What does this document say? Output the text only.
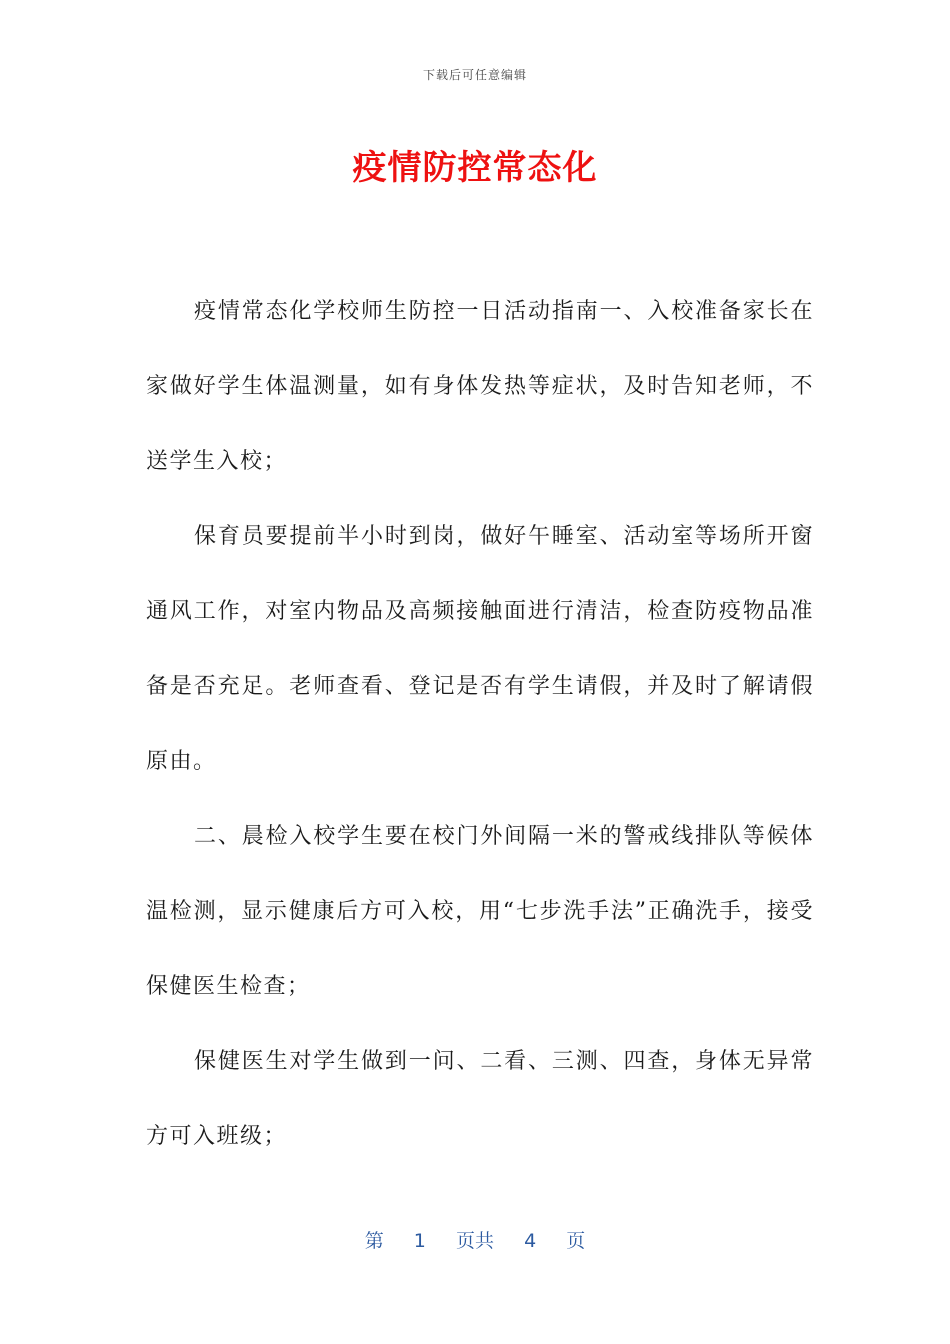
下载后可任意编辑
疫情防控常态化

疫情常态化学校师生防控一日活动指南一、入校准备家长在家做好学生体温测量，如有身体发热等症状，及时告知老师，不送学生入校；

保育员要提前半小时到岗，做好午睡室、活动室等场所开窗通风工作，对室内物品及高频接触面进行清洁，检查防疫物品准备是否充足。老师查看、登记是否有学生请假，并及时了解请假原由。

二、晨检入校学生要在校门外间隔一米的警戒线排队等候体温检测，显示健康后方可入校，用“七步洗手法”正确洗手，接受保健医生检查；

保健医生对学生做到一问、二看、三测、四查，身体无异常方可入班级；

第 1 页共 4 页
